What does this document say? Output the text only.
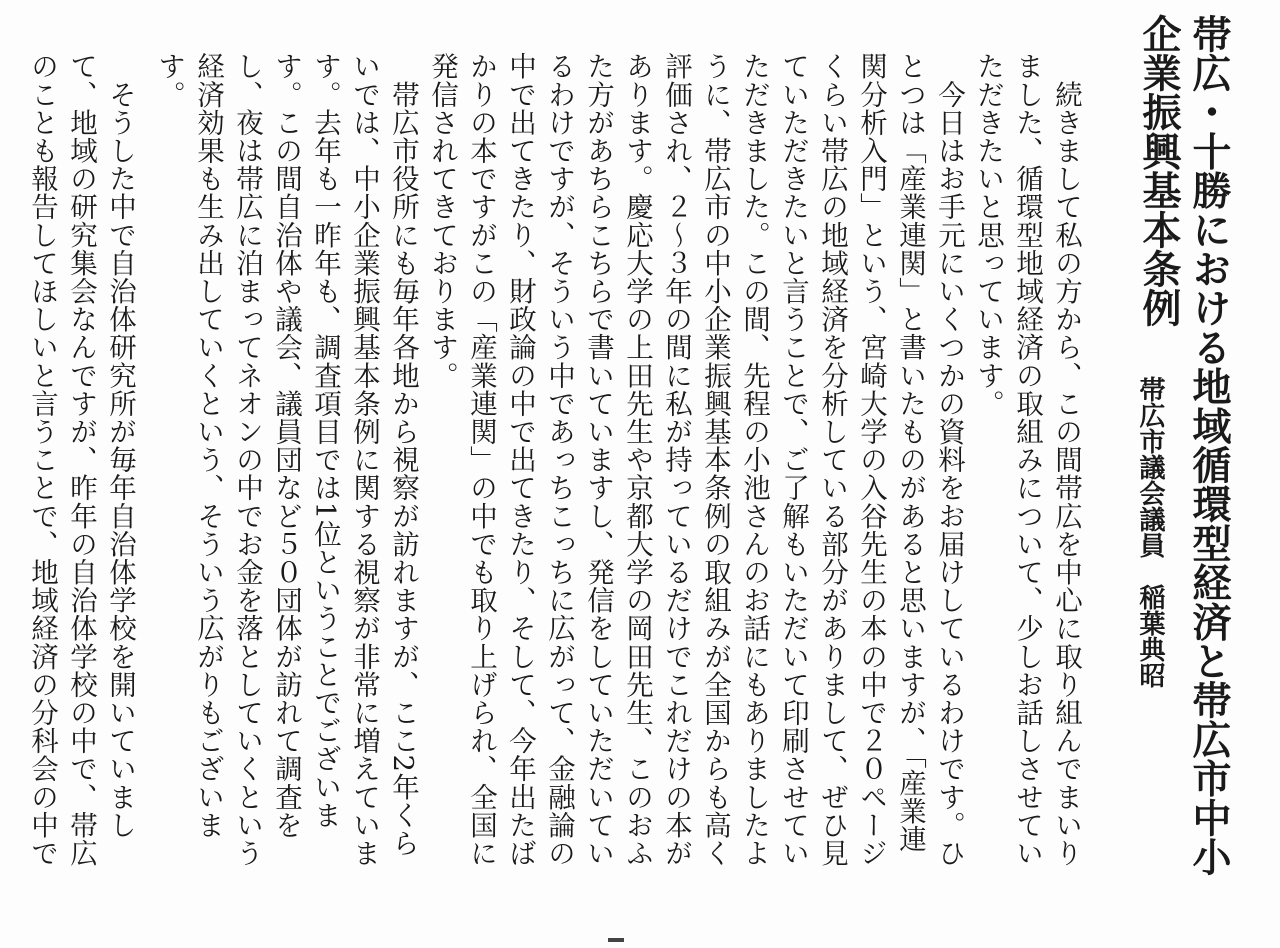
帯広・十勝における地域循環型経済と帯広市中小
企業振興基本条例
帯広市議会議員　稲葉典昭
　続きまして私の方から、この間帯広を中心に取り組んでまいり
ました、循環型地域経済の取組みについて、少しお話しさせてい
ただきたいと思っています。
　今日はお手元にいくつかの資料をお届けしているわけです。ひ
とつは「産業連関」と書いたものがあると思いますが、「産業連
関分析入門」という、宮崎大学の入谷先生の本の中で２０ページ
くらい帯広の地域経済を分析している部分がありまして、ぜひ見
ていただきたいと言うことで、ご了解もいただいて印刷させてい
ただきました。この間、先程の小池さんのお話にもありましたよ
うに、帯広市の中小企業振興基本条例の取組みが全国からも高く
評価され、２～３年の間に私が持っているだけでこれだけの本が
あります。慶応大学の上田先生や京都大学の岡田先生、このおふ
た方があちらこちらで書いていますし、発信をしていただいてい
るわけですが、そういう中であっちこっちに広がって、金融論の
中で出てきたり、財政論の中で出てきたり、そして、今年出たば
かりの本ですがこの「産業連関」の中でも取り上げられ、全国に
発信されてきております。
　帯広市役所にも毎年各地から視察が訪れますが、ここ2年くら
いでは、中小企業振興基本条例に関する視察が非常に増えていま
す。去年も一昨年も、調査項目では1位ということでございま
す。この間自治体や議会、議員団など５０団体が訪れて調査を
し、夜は帯広に泊まってネオンの中でお金を落としていくという
経済効果も生み出していくという、そういう広がりもございま
す。
　そうした中で自治体研究所が毎年自治体学校を開いていまし
て、地域の研究集会なんですが、昨年の自治体学校の中で、帯広
のことも報告してほしいと言うことで、地域経済の分科会の中で
